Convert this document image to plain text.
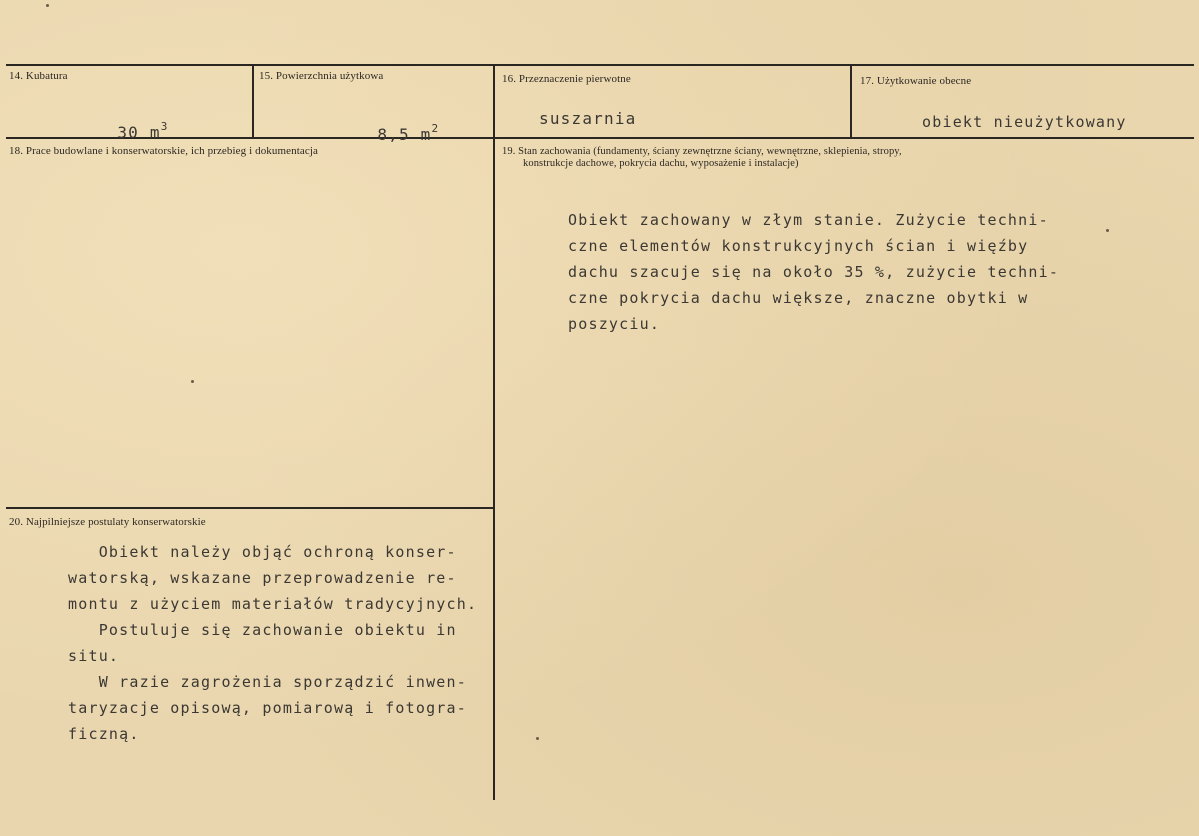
14. Kubatura

30 $m^3$

15. Powierzchnia użytkowa

8,5 $m^2$

16. Przeznaczenie pierwotne
suszarnia
17. Użytkowanie obecne
obiekt nieużytkowany
18. Prace budowlane i konserwatorskie, ich przebieg i dokumentacja	19. Stan zachowania (fundamenty, ściany zewnętrzne ściany, wewnętrzne, sklepienia, stropy,
konstrukcje dachowe, pokrycia dachu, wyposażenie i instalacje)
Obiekt zachowany w złym stanie. Zużycie techni-
czne elementów konstrukcyjnych ścian i więźby
dachu szacuje się na około 35 %, zużycie techni-
czne pokrycia dachu większe, znaczne obytki w
poszyciu.
20. Najpilniejsze postulaty konserwatorskie
Obiekt należy objąć ochroną konser-
watorską, wskazane przeprowadzenie re-
montu z użyciem materiałów tradycyjnych.
Postuluje się zachowanie obiektu in
situ.
W razie zagrożenia sporządzić inwen-
taryzacje opisową, pomiarową i fotogra-
ficzną.
